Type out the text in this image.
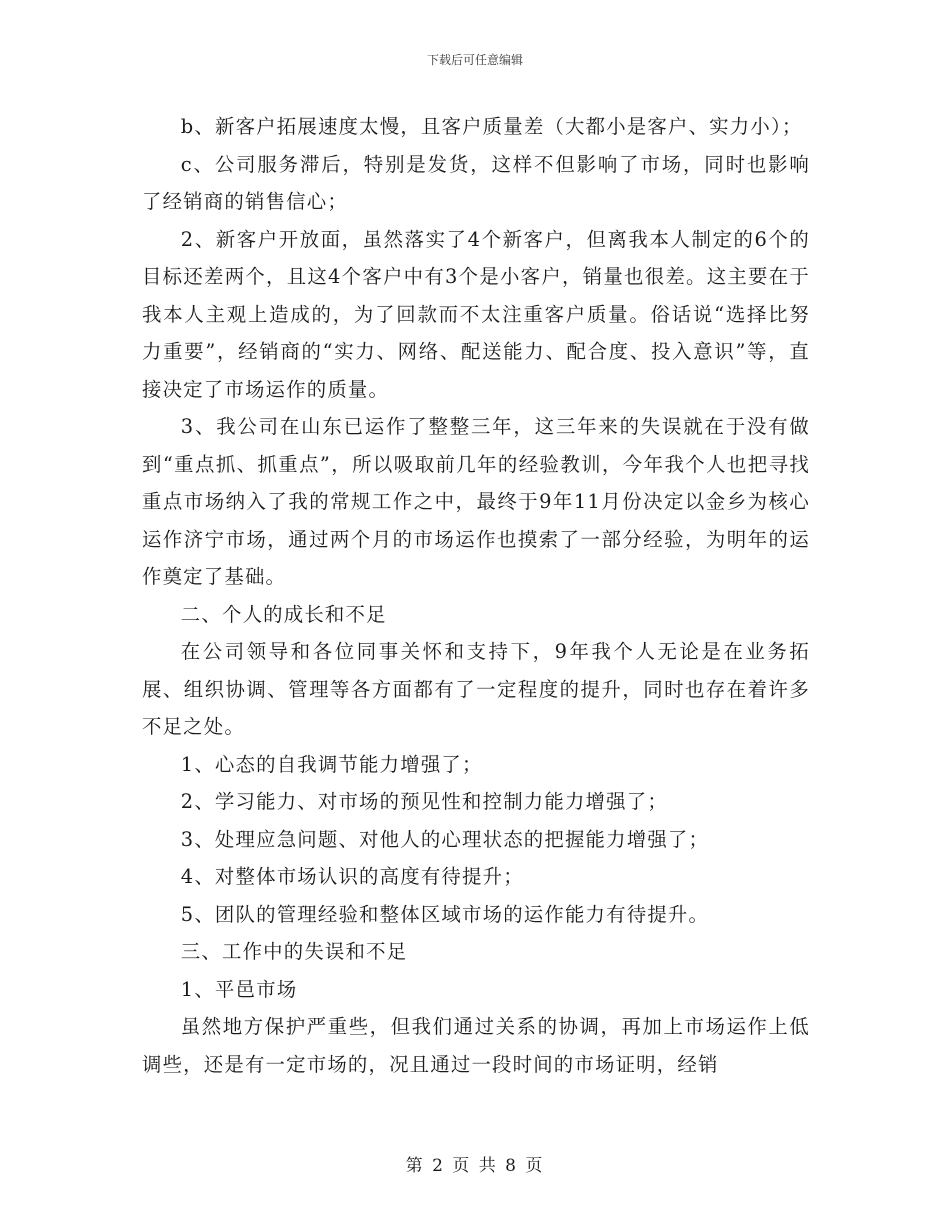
下载后可任意编辑

b、新客户拓展速度太慢，且客户质量差（大都小是客户、实力小）；

c、公司服务滞后，特别是发货，这样不但影响了市场，同时也影响了经销商的销售信心；

2、新客户开放面，虽然落实了4个新客户，但离我本人制定的6个的目标还差两个，且这4个客户中有3个是小客户，销量也很差。这主要在于我本人主观上造成的，为了回款而不太注重客户质量。俗话说“选择比努力重要”，经销商的“实力、网络、配送能力、配合度、投入意识”等，直接决定了市场运作的质量。

3、我公司在山东已运作了整整三年，这三年来的失误就在于没有做到“重点抓、抓重点”，所以吸取前几年的经验教训，今年我个人也把寻找重点市场纳入了我的常规工作之中，最终于9年11月份决定以金乡为核心运作济宁市场，通过两个月的市场运作也摸索了一部分经验，为明年的运作奠定了基础。

二、个人的成长和不足

在公司领导和各位同事关怀和支持下，9年我个人无论是在业务拓展、组织协调、管理等各方面都有了一定程度的提升，同时也存在着许多不足之处。

1、心态的自我调节能力增强了；

2、学习能力、对市场的预见性和控制力能力增强了；

3、处理应急问题、对他人的心理状态的把握能力增强了；

4、对整体市场认识的高度有待提升；

5、团队的管理经验和整体区域市场的运作能力有待提升。

三、工作中的失误和不足

1、平邑市场

虽然地方保护严重些，但我们通过关系的协调，再加上市场运作上低调些，还是有一定市场的，况且通过一段时间的市场证明，经销

第 2 页 共 8 页
